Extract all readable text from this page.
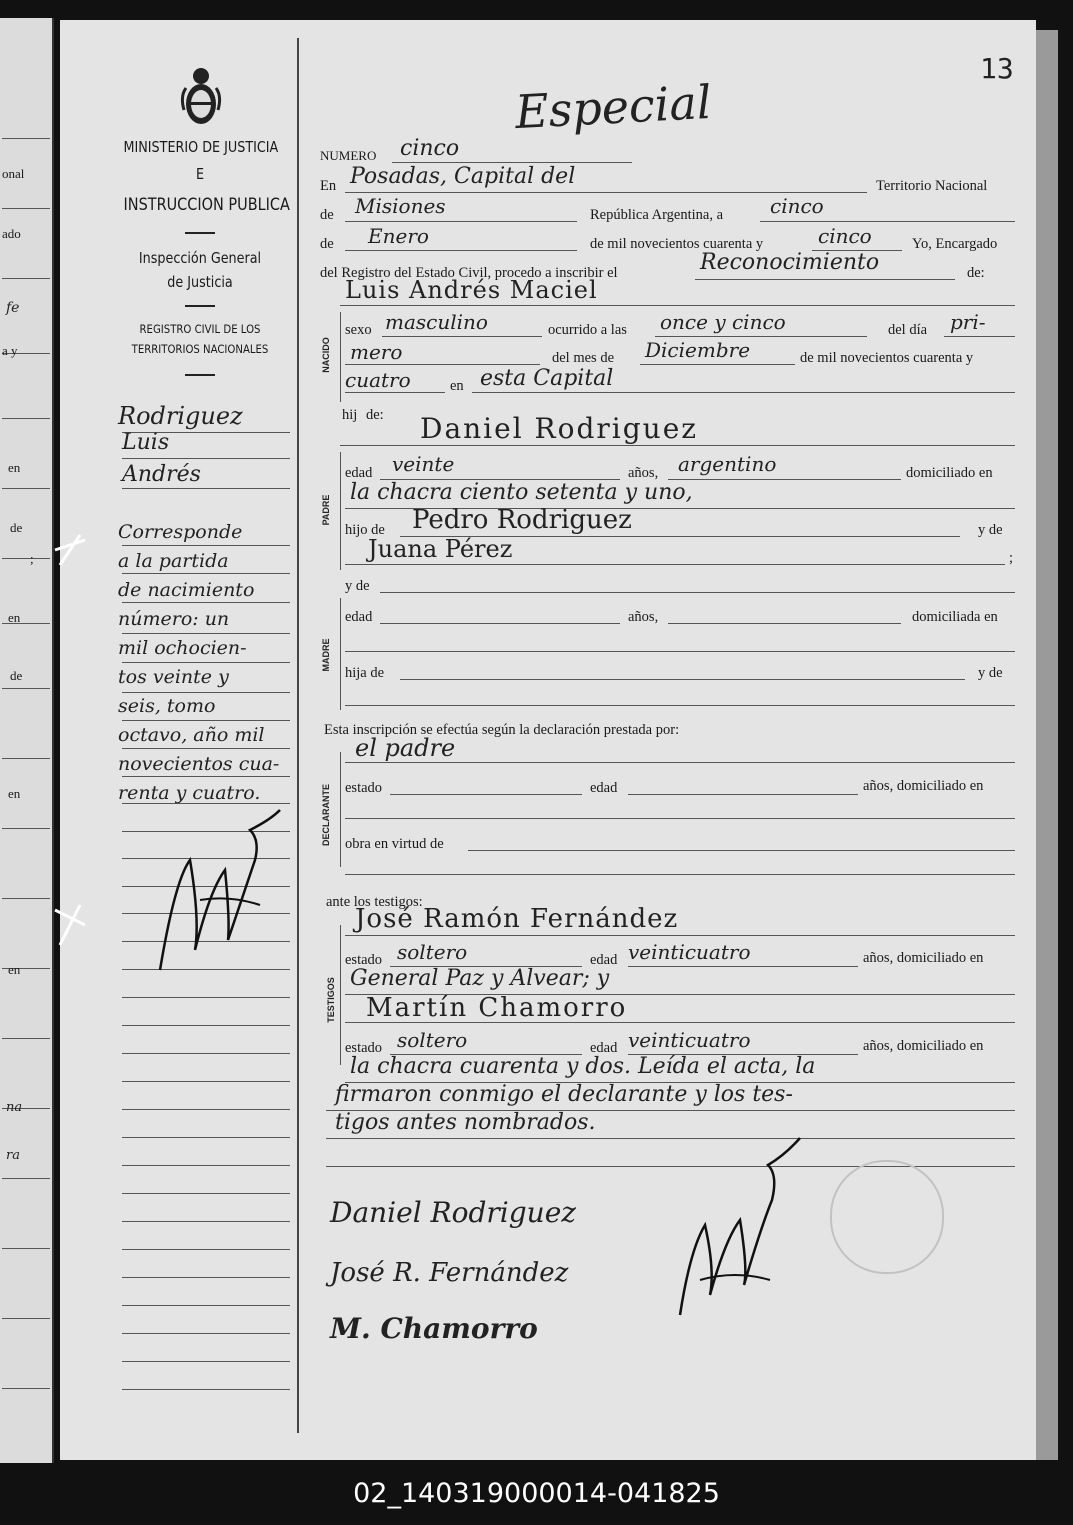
onal
ado
fe
a y
en
de
;
en
de
en
en
na
ra
13
MINISTERIO DE JUSTICIA
E
INSTRUCCION PUBLICA
Inspección General
de Justicia
REGISTRO CIVIL DE LOS
TERRITORIOS NACIONALES
Rodriguez
Luis
Andrés
Corresponde
a la partida
de nacimiento
número: un
mil ochocien-
tos veinte y
seis, tomo
octavo, año mil
novecientos cua-
renta y cuatro.
Especial
NUMERO cinco
En Posadas, Capital del	Territorio Nacional
de Misiones	República Argentina, a cinco
de Enero	de mil novecientos cuarenta y	cinco	Yo, Encargado
del Registro del Estado Civil, procedo a inscribir el	Reconocimiento	de:
Luis Andrés Maciel
NACIDO
sexo masculino	ocurrido a las once y cinco	del día pri-
mero	del mes de Diciembre	de mil novecientos cuarenta y
cuatro	en esta Capital
hij de: Daniel Rodriguez
PADRE
edad veinte	años, argentino	domiciliado en
la chacra ciento setenta y uno,
hijo de Pedro Rodriguez	y de
Juana Pérez	;
y de
MADRE
edad	años,	domiciliada en
hija de	y de
Esta inscripción se efectúa según la declaración prestada por:
el padre
DECLARANTE estado	edad	años, domiciliado en
obra en virtud de
ante los testigos:
José Ramón Fernández
TESTIGOS
estado soltero	edad veinticuatro	años, domiciliado en
General Paz y Alvear; y
Martín Chamorro
estado soltero	edad veinticuatro	años, domiciliado en
la chacra cuarenta y dos. Leída el acta, la
firmaron conmigo el declarante y los tes-
tigos antes nombrados.
Daniel Rodriguez
José R. Fernández
M. Chamorro
02_140319000014-041825
